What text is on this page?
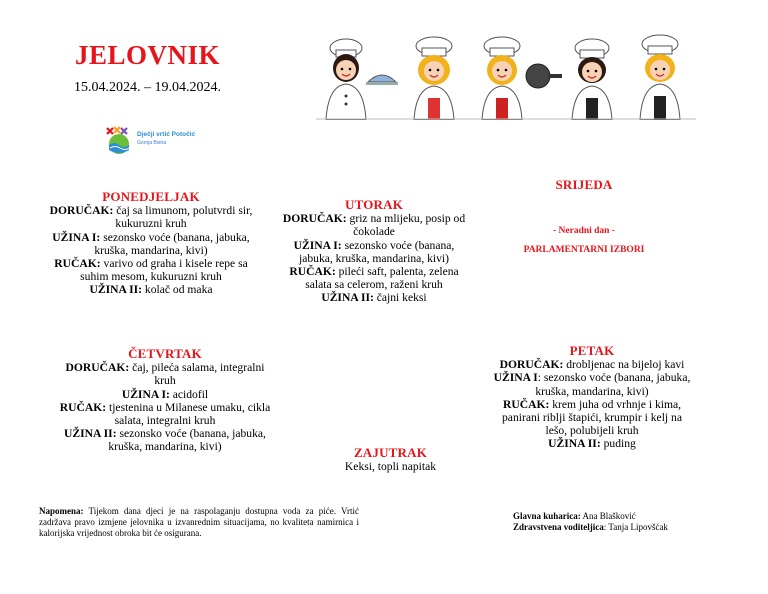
JELOVNIK
15.04.2024. – 19.04.2024.
Dječji vrtić Potočić
Gornja Bistra
PONEDJELJAK
DORUČAK: čaj sa limunom, polutvrdi sir, kukuruzni kruh
UŽINA I: sezonsko voće (banana, jabuka, kruška, mandarina, kivi)
RUČAK: varivo od graha i kisele repe sa suhim mesom, kukuruzni kruh
UŽINA II: kolač od maka
UTORAK
DORUČAK: griz na mlijeku, posip od čokolade
UŽINA I: sezonsko voće (banana, jabuka, kruška, mandarina, kivi)
RUČAK: pileći saft, palenta, zelena salata sa celerom, raženi kruh
UŽINA II: čajni keksi
SRIJEDA
- Neradni dan -
PARLAMENTARNI IZBORI
ČETVRTAK
DORUČAK: čaj, pileća salama, integralni kruh
UŽINA I: acidofil
RUČAK: tjestenina u Milanese umaku, cikla salata, integralni kruh
UŽINA II: sezonsko voće (banana, jabuka, kruška, mandarina, kivi)	ZAJUTRAK
Keksi, topli napitak
PETAK
DORUČAK: drobljenac na bijeloj kavi
UŽINA I: sezonsko voće (banana, jabuka, kruška, mandarina, kivi)
RUČAK: krem juha od vrhnje i kima, panirani riblji štapići, krumpir i kelj na lešo, polubijeli kruh
UŽINA II: puding
Napomena: Tijekom dana djeci je na raspolaganju dostupna voda za piće. Vrtić zadržava pravo izmjene jelovnika u izvanrednim situacijama, no kvaliteta namirnica i kalorijska vrijednost obroka bit će osigurana.
Glavna kuharica: Ana Blašković
Zdravstvena voditeljica: Tanja Lipovšćak
